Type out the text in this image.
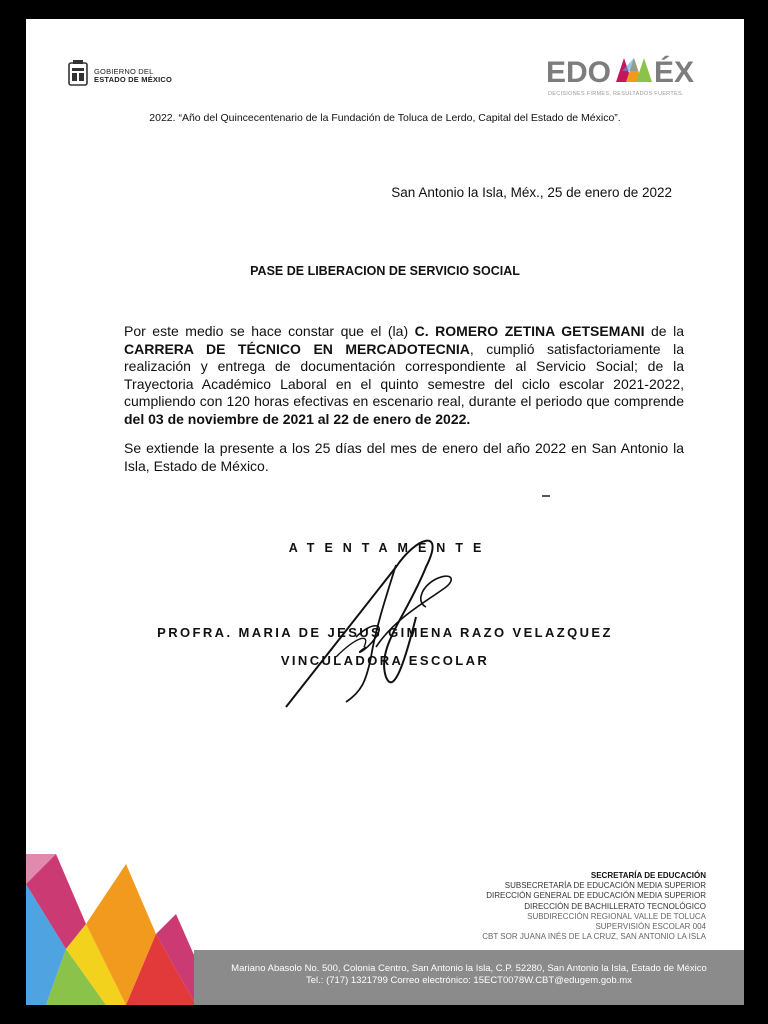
GOBIERNO DEL
ESTADO DE MÉXICO	EDO ÉX
DECISIONES FIRMES, RESULTADOS FUERTES.
2022. “Año del Quincecentenario de la Fundación de Toluca de Lerdo, Capital del Estado de México”.
San Antonio la Isla, Méx., 25 de enero de 2022
PASE DE LIBERACION DE SERVICIO SOCIAL

Por este medio se hace constar que el (la) C. ROMERO ZETINA GETSEMANI de la CARRERA DE TÉCNICO EN MERCADOTECNIA, cumplió satisfactoriamente la realización y entrega de documentación correspondiente al Servicio Social; de la Trayectoria Académico Laboral en el quinto semestre del ciclo escolar 2021-2022, cumpliendo con 120 horas efectivas en escenario real, durante el periodo que comprende del 03 de noviembre de 2021 al 22 de enero de 2022.

Se extiende la presente a los 25 días del mes de enero del año 2022 en San Antonio la Isla, Estado de México.

ATENTAMENTE
PROFRA. MARIA DE JESUS GIMENA RAZO VELAZQUEZ
VINCULADORA ESCOLAR
SECRETARÍA DE EDUCACIÓN
SUBSECRETARÍA DE EDUCACIÓN MEDIA SUPERIOR
DIRECCIÓN GENERAL DE EDUCACIÓN MEDIA SUPERIOR
DIRECCIÓN DE BACHILLERATO TECNOLÓGICO
SUBDIRECCIÓN REGIONAL VALLE DE TOLUCA
SUPERVISIÓN ESCOLAR 004
CBT SOR JUANA INÉS DE LA CRUZ, SAN ANTONIO LA ISLA
Mariano Abasolo No. 500, Colonia Centro, San Antonio la Isla, C.P. 52280, San Antonio la Isla, Estado de México
Tel.: (717) 1321799 Correo electrónico: 15ECT0078W.CBT@edugem.gob.mx
